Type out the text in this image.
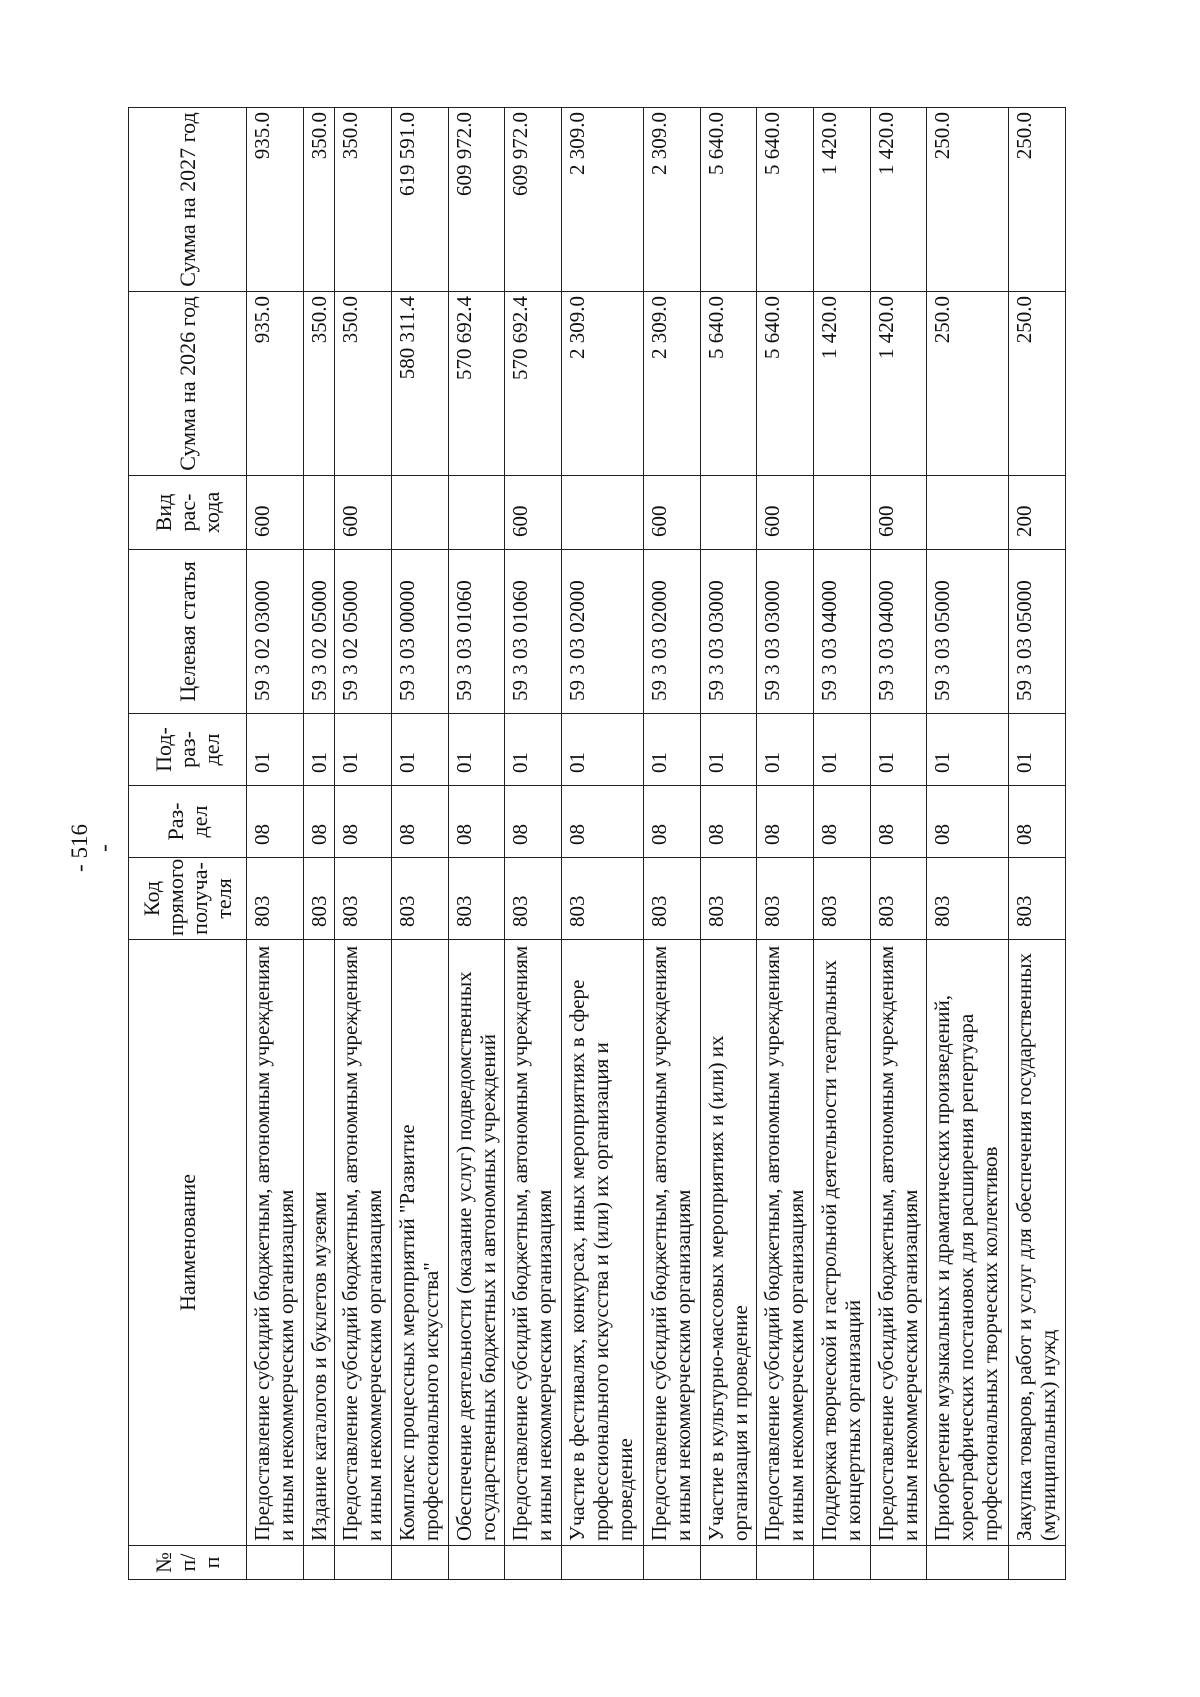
- 516 -
№ п/п	Наименование	Код прямого получа-теля	Раз-дел	Под-раз-дел	Целевая статья	Вид рас-хода	Сумма на 2026 год	Сумма на 2027 год
	Предоставление субсидий бюджетным, автономным учреждениям и иным некоммерческим организациям	803	08	01	59 3 02 03000	600	935.0	935.0
	Издание каталогов и буклетов музеями	803	08	01	59 3 02 05000		350.0	350.0
	Предоставление субсидий бюджетным, автономным учреждениям и иным некоммерческим организациям	803	08	01	59 3 02 05000	600	350.0	350.0
	Комплекс процессных мероприятий "Развитие профессионального искусства"	803	08	01	59 3 03 00000		580 311.4	619 591.0
	Обеспечение деятельности (оказание услуг) подведомственных государственных бюджетных и автономных учреждений	803	08	01	59 3 03 01060		570 692.4	609 972.0
	Предоставление субсидий бюджетным, автономным учреждениям и иным некоммерческим организациям	803	08	01	59 3 03 01060	600	570 692.4	609 972.0
	Участие в фестивалях, конкурсах, иных мероприятиях в сфере профессионального искусства и (или) их организация и проведение	803	08	01	59 3 03 02000		2 309.0	2 309.0
	Предоставление субсидий бюджетным, автономным учреждениям и иным некоммерческим организациям	803	08	01	59 3 03 02000	600	2 309.0	2 309.0
	Участие в культурно-массовых мероприятиях и (или) их организация и проведение	803	08	01	59 3 03 03000		5 640.0	5 640.0
	Предоставление субсидий бюджетным, автономным учреждениям и иным некоммерческим организациям	803	08	01	59 3 03 03000	600	5 640.0	5 640.0
	Поддержка творческой и гастрольной деятельности театральных и концертных организаций	803	08	01	59 3 03 04000		1 420.0	1 420.0
	Предоставление субсидий бюджетным, автономным учреждениям и иным некоммерческим организациям	803	08	01	59 3 03 04000	600	1 420.0	1 420.0
	Приобретение музыкальных и драматических произведений, хореографических постановок для расширения репертуара профессиональных творческих коллективов	803	08	01	59 3 03 05000		250.0	250.0
	Закупка товаров, работ и услуг для обеспечения государственных (муниципальных) нужд	803	08	01	59 3 03 05000	200	250.0	250.0
